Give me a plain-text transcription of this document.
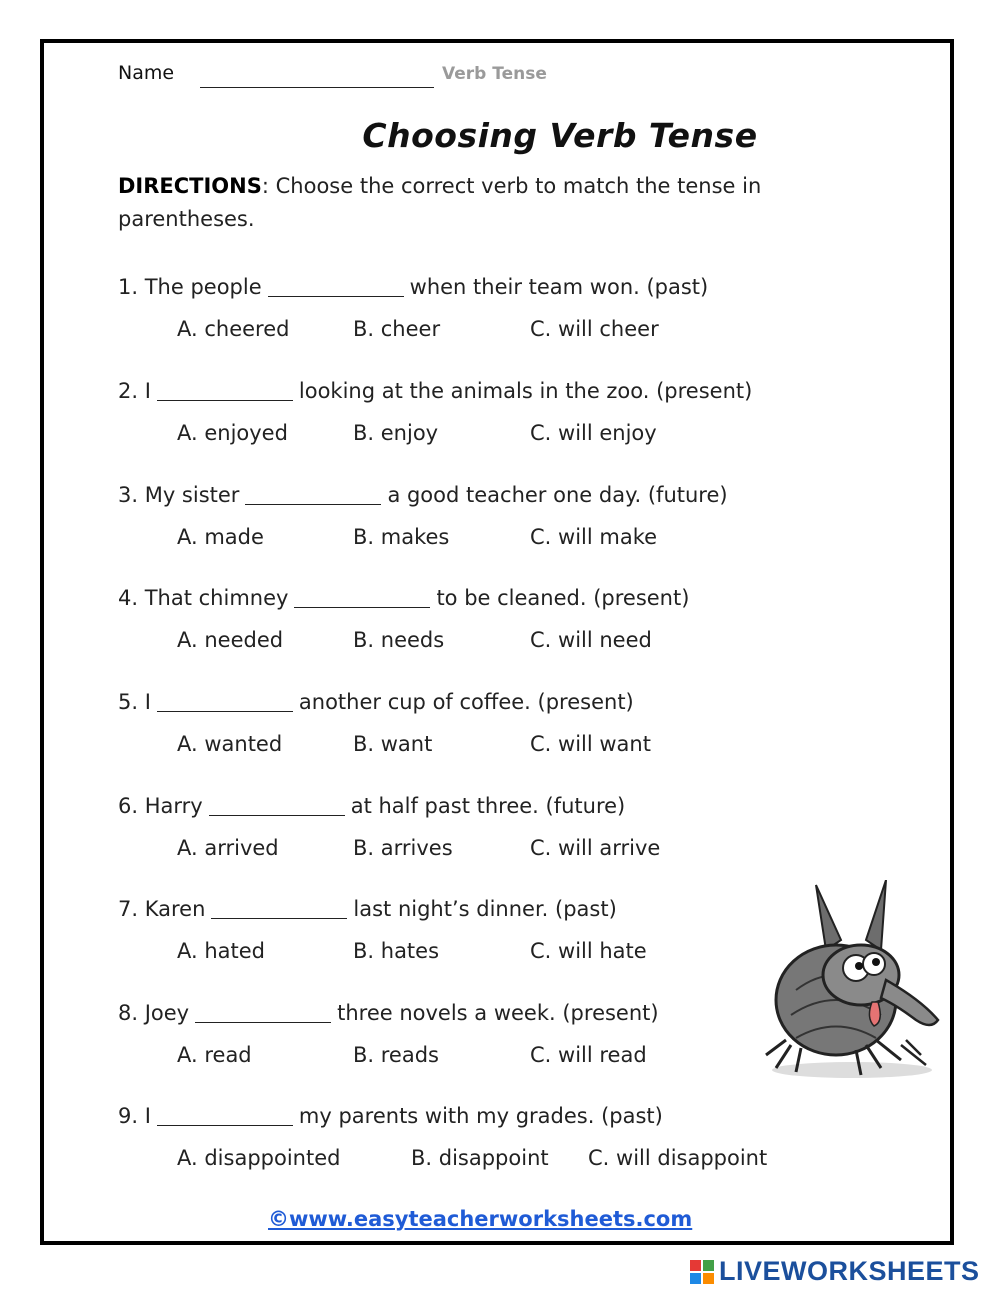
Name	Verb Tense
Choosing Verb Tense
DIRECTIONS: Choose the correct verb to match the tense in parentheses.
1. The people	when their team won. (past)
A. cheered	B. cheer	C. will cheer
2. I	looking at the animals in the zoo. (present)
A. enjoyed	B. enjoy	C. will enjoy
3. My sister	a good teacher one day. (future)
A. made	B. makes	C. will make
4. That chimney	to be cleaned. (present)
A. needed	B. needs	C. will need
5. I	another cup of coffee. (present)
A. wanted	B. want	C. will want
6. Harry	at half past three. (future)
A. arrived	B. arrives	C. will arrive
7. Karen	last night’s dinner. (past)
A. hated	B. hates	C. will hate
8. Joey	three novels a week. (present)
A. read	B. reads	C. will read
9. I	my parents with my grades. (past)
A. disappointed	B. disappoint C. will disappoint
©www.easyteacherworksheets.com
LIVEWORKSHEETS
